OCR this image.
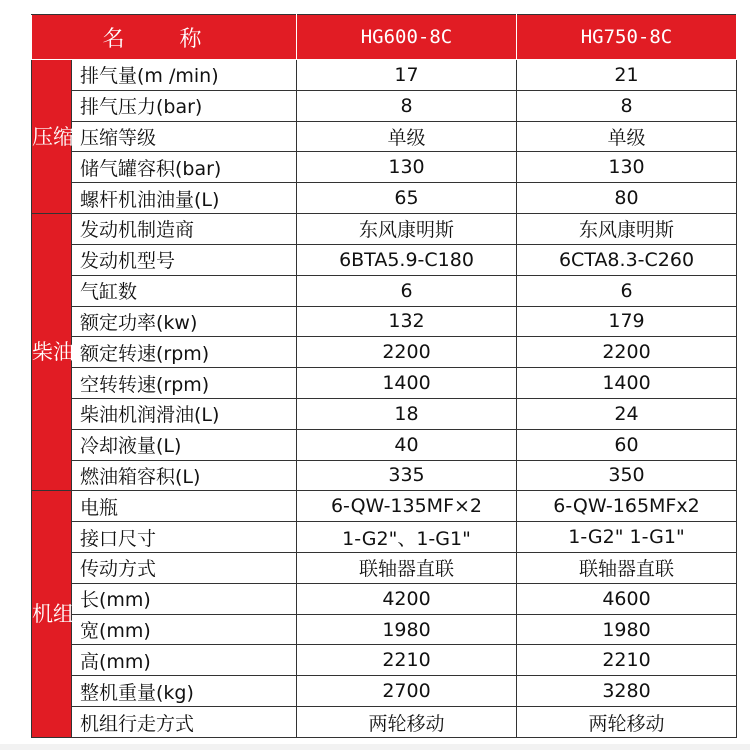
名 称		HG600-8C	HG750-8C
压缩机	排气量(m /min)	17	21
	排气压力(bar)	8	8
	压缩等级	单级	单级
	储气罐容积(bar)	130	130
	螺杆机油油量(L)	65	80
柴油机	发动机制造商	东风康明斯	东风康明斯
	发动机型号	6BTA5.9-C180	6CTA8.3-C260
	气缸数	6	6
	额定功率(kw)	132	179
	额定转速(rpm)	2200	2200
	空转转速(rpm)	1400	1400
	柴油机润滑油(L)	18	24
	冷却液量(L)	40	60
	燃油箱容积(L)	335	350
机组	电瓶	6-QW-135MF×2	6-QW-165MFx2
	接口尺寸	1-G2"、1-G1"	1-G2" 1-G1"
	传动方式	联轴器直联	联轴器直联
	长(mm)	4200	4600
	宽(mm)	1980	1980
	高(mm)	2210	2210
	整机重量(kg)	2700	3280
	机组行走方式	两轮移动	两轮移动
